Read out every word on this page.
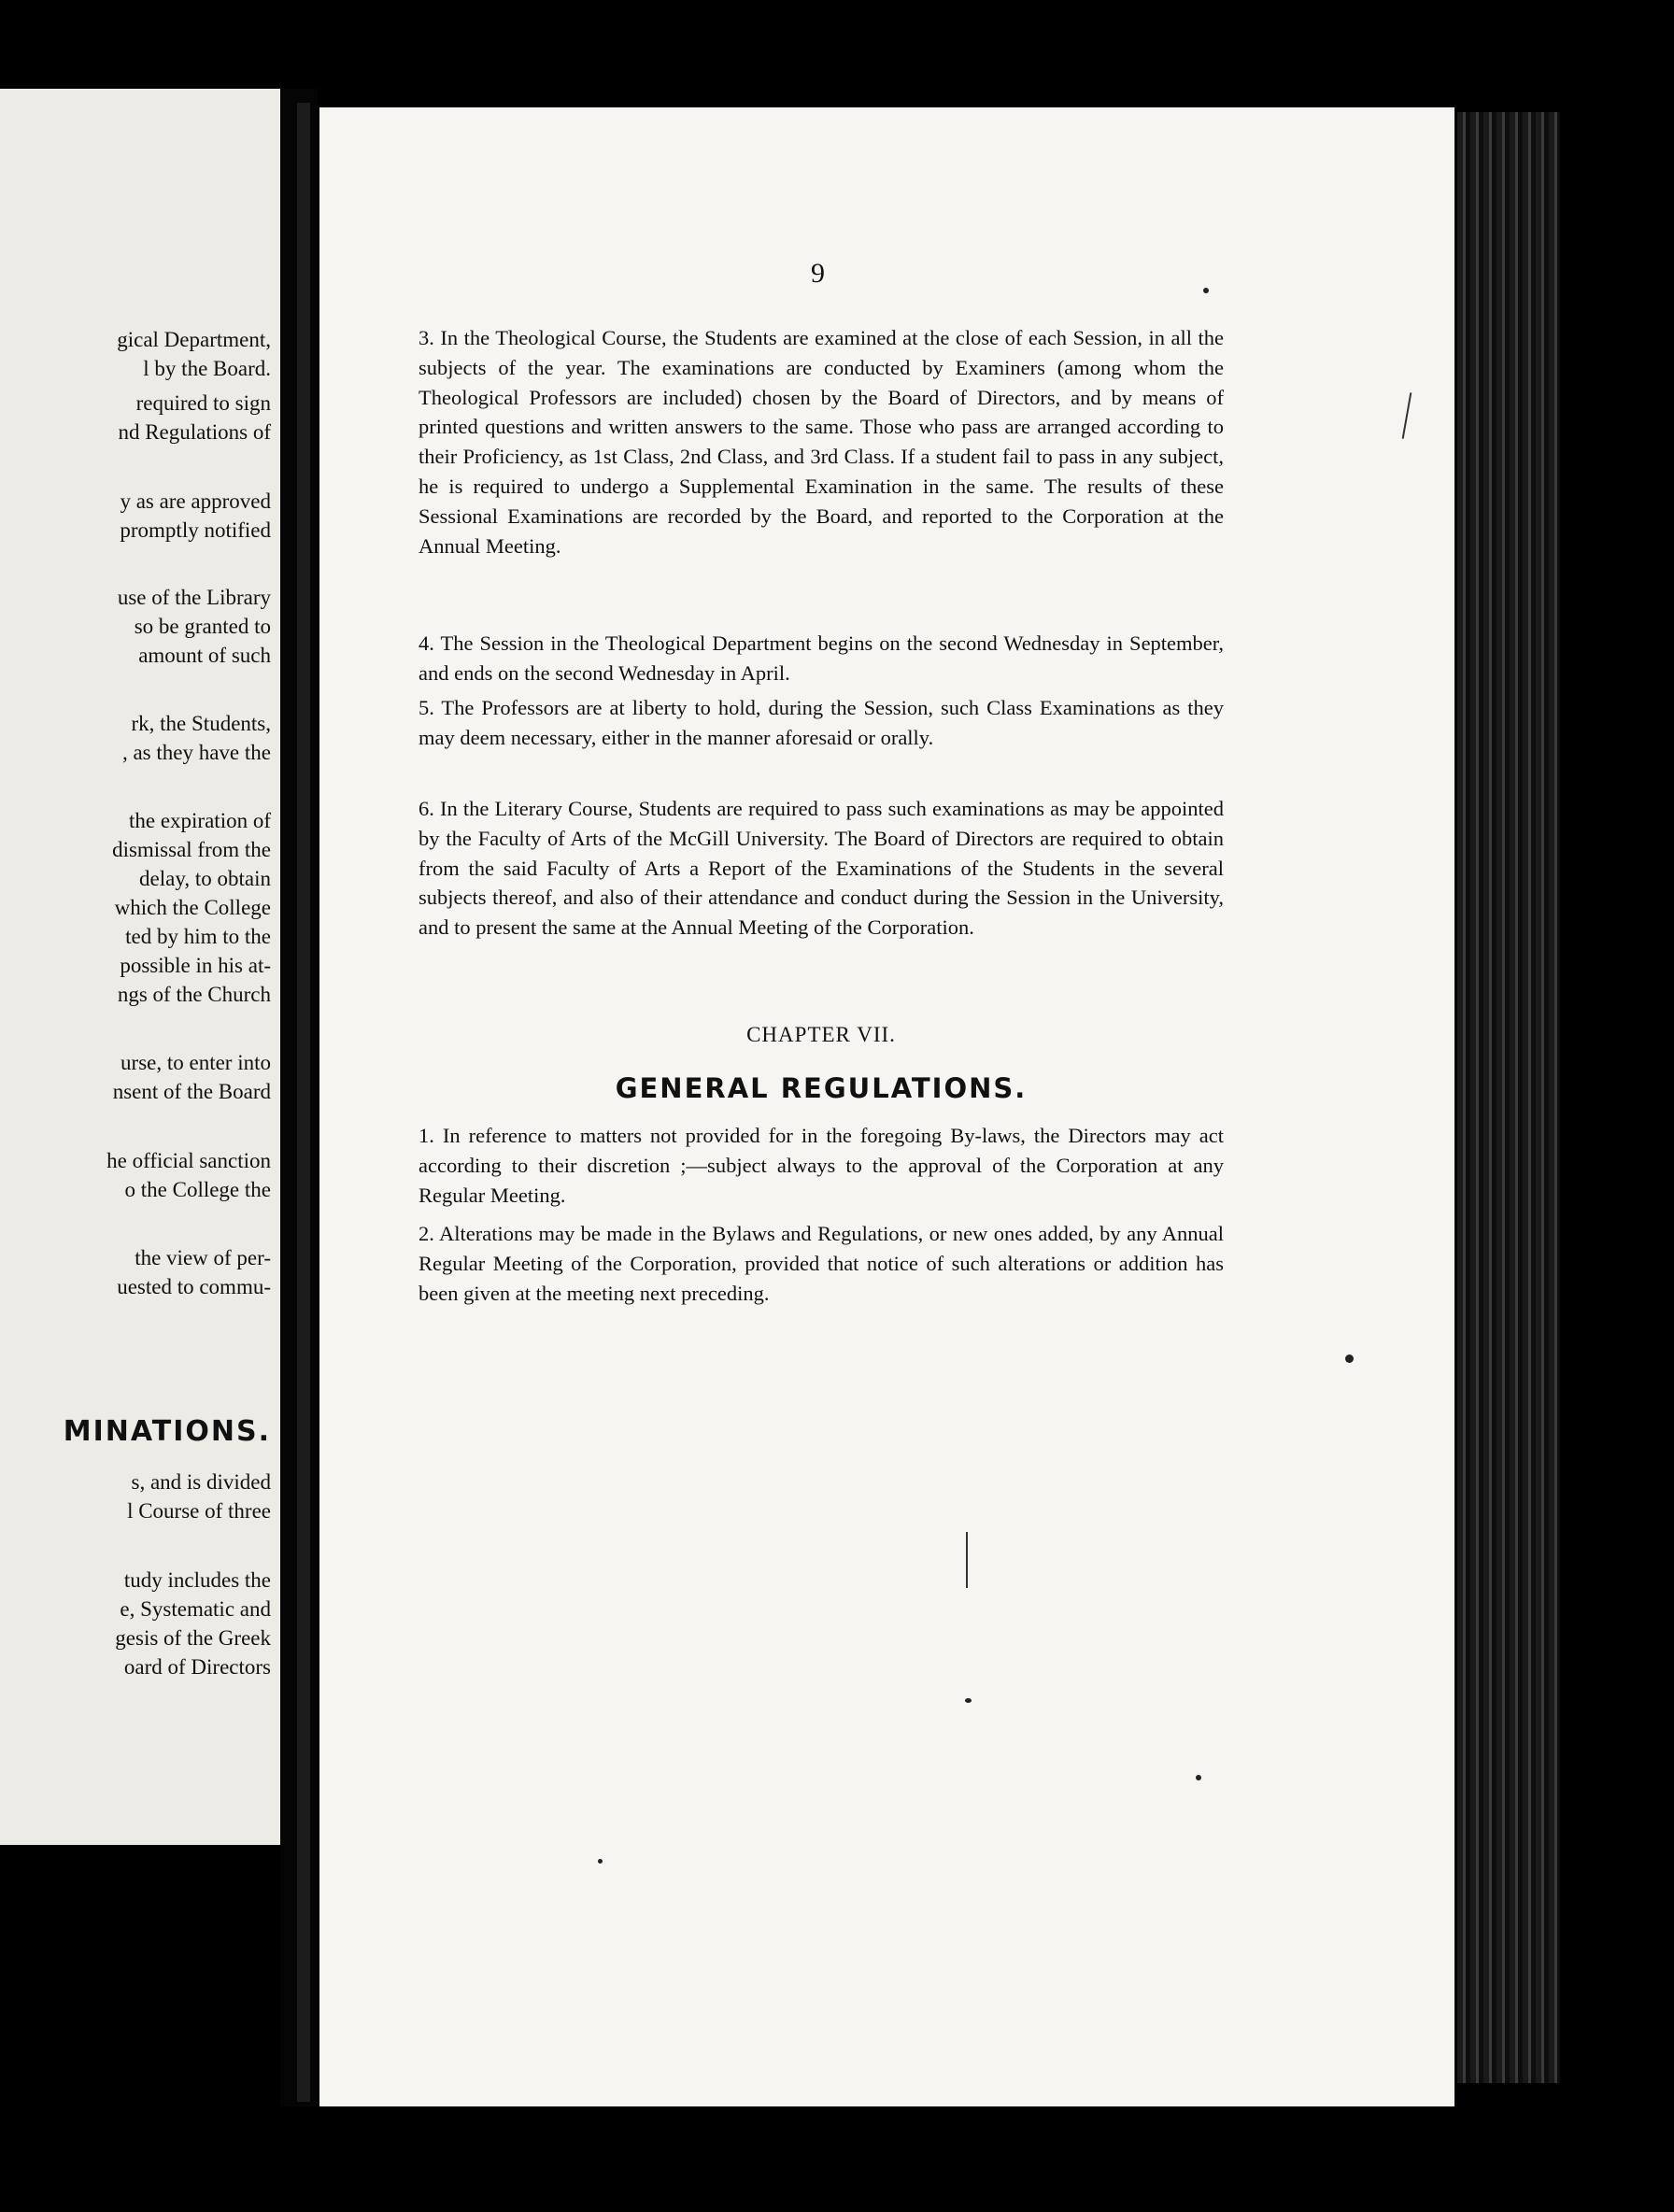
gical Department,
l by the Board.
required to sign
nd Regulations of
y as are approved
promptly notified
use of the Library
so be granted to
amount of such
rk, the Students,
, as they have the
the expiration of
dismissal from the
delay, to obtain
which the College
ted by him to the
possible in his at-
ngs of the Church
urse, to enter into
nsent of the Board
he official sanction
o the College the
the view of per-
uested to commu-
MINATIONS.
s, and is divided
l Course of three
tudy includes the
e, Systematic and
gesis of the Greek
oard of Directors
9

3. In the Theological Course, the Students are examined at the close of each Session, in all the subjects of the year. The examinations are conducted by Examiners (among whom the Theological Professors are included) chosen by the Board of Directors, and by means of printed questions and written answers to the same. Those who pass are arranged according to their Proficiency, as 1st Class, 2nd Class, and 3rd Class. If a student fail to pass in any subject, he is required to undergo a Supplemental Examination in the same. The results of these Sessional Examinations are recorded by the Board, and reported to the Corporation at the Annual Meeting.

4. The Session in the Theological Department begins on the second Wednesday in September, and ends on the second Wednesday in April.

5. The Professors are at liberty to hold, during the Session, such Class Examinations as they may deem necessary, either in the manner aforesaid or orally.

6. In the Literary Course, Students are required to pass such examinations as may be appointed by the Faculty of Arts of the McGill University. The Board of Directors are required to obtain from the said Faculty of Arts a Report of the Examinations of the Students in the several subjects thereof, and also of their attendance and conduct during the Session in the University, and to present the same at the Annual Meeting of the Corporation.

CHAPTER VII.
GENERAL REGULATIONS.

1. In reference to matters not provided for in the foregoing By-laws, the Directors may act according to their discretion ;—subject always to the approval of the Corporation at any Regular Meeting.

2. Alterations may be made in the Bylaws and Regulations, or new ones added, by any Annual Regular Meeting of the Corporation, provided that notice of such alterations or addition has been given at the meeting next preceding.
